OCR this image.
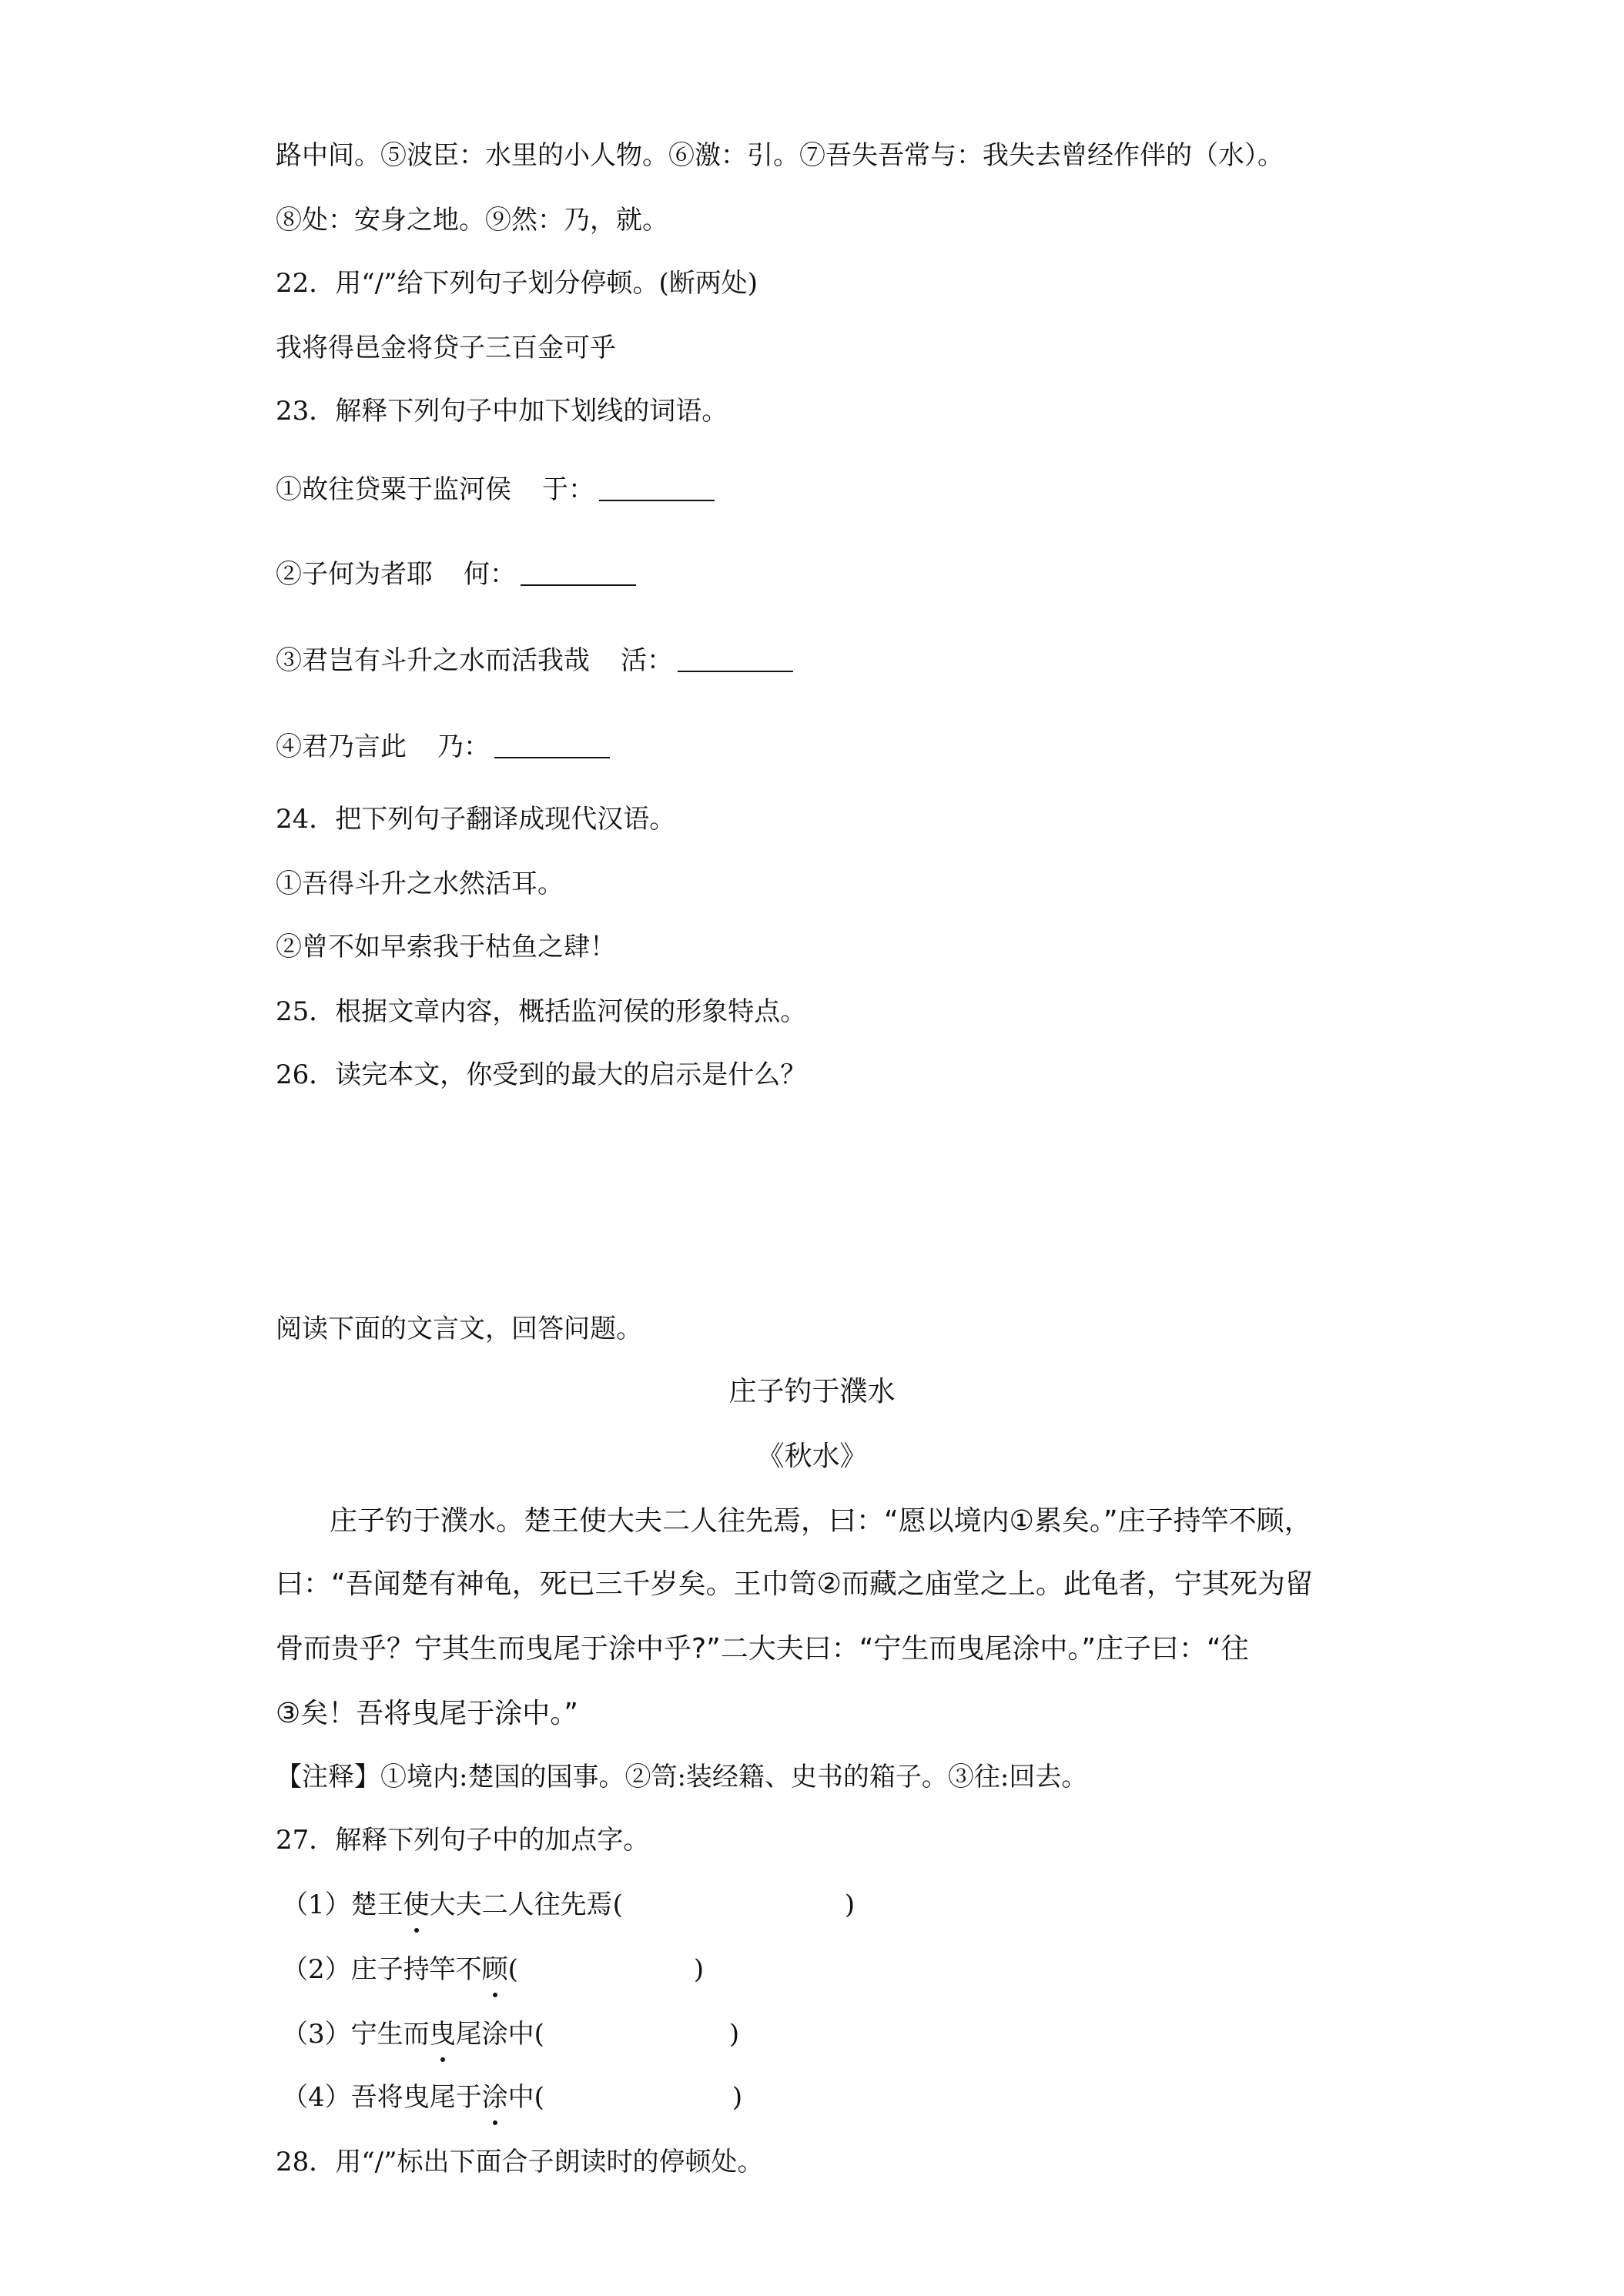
路中间。⑤波臣：水里的小人物。⑥激：引。⑦吾失吾常与：我失去曾经作伴的（水）。
⑧处：安身之地。⑨然：乃，就。
22．用“/”给下列句子划分停顿。(断两处)
我将得邑金将贷子三百金可乎
23．解释下列句子中加下划线的词语。
①故往贷粟于监河侯 于：
②子何为者耶 何：
③君岂有斗升之水而活我哉 活：
④君乃言此 乃：
24．把下列句子翻译成现代汉语。
①吾得斗升之水然活耳。
②曾不如早索我于枯鱼之肆！
25．根据文章内容，概括监河侯的形象特点。
26．读完本文，你受到的最大的启示是什么？
阅读下面的文言文，回答问题。
庄子钓于濮水
《秋水》
庄子钓于濮水。楚王使大夫二人往先焉，曰：“愿以境内①累矣。”庄子持竿不顾，
曰：“吾闻楚有神龟，死已三千岁矣。王巾笥②而藏之庙堂之上。此龟者，宁其死为留
骨而贵乎？宁其生而曳尾于涂中乎?”二大夫曰：“宁生而曳尾涂中。”庄子曰：“往
③矣！吾将曳尾于涂中。”
【注释】①境内:楚国的国事。②笥:装经籍、史书的箱子。③往:回去。
27．解释下列句子中的加点字。
（1）楚王使大夫二人往先焉(	)
（2）庄子持竿不顾(	)
（3）宁生而曳尾涂中(	)
（4）吾将曳尾于涂中(	)
28．用“/”标出下面合子朗读时的停顿处。
